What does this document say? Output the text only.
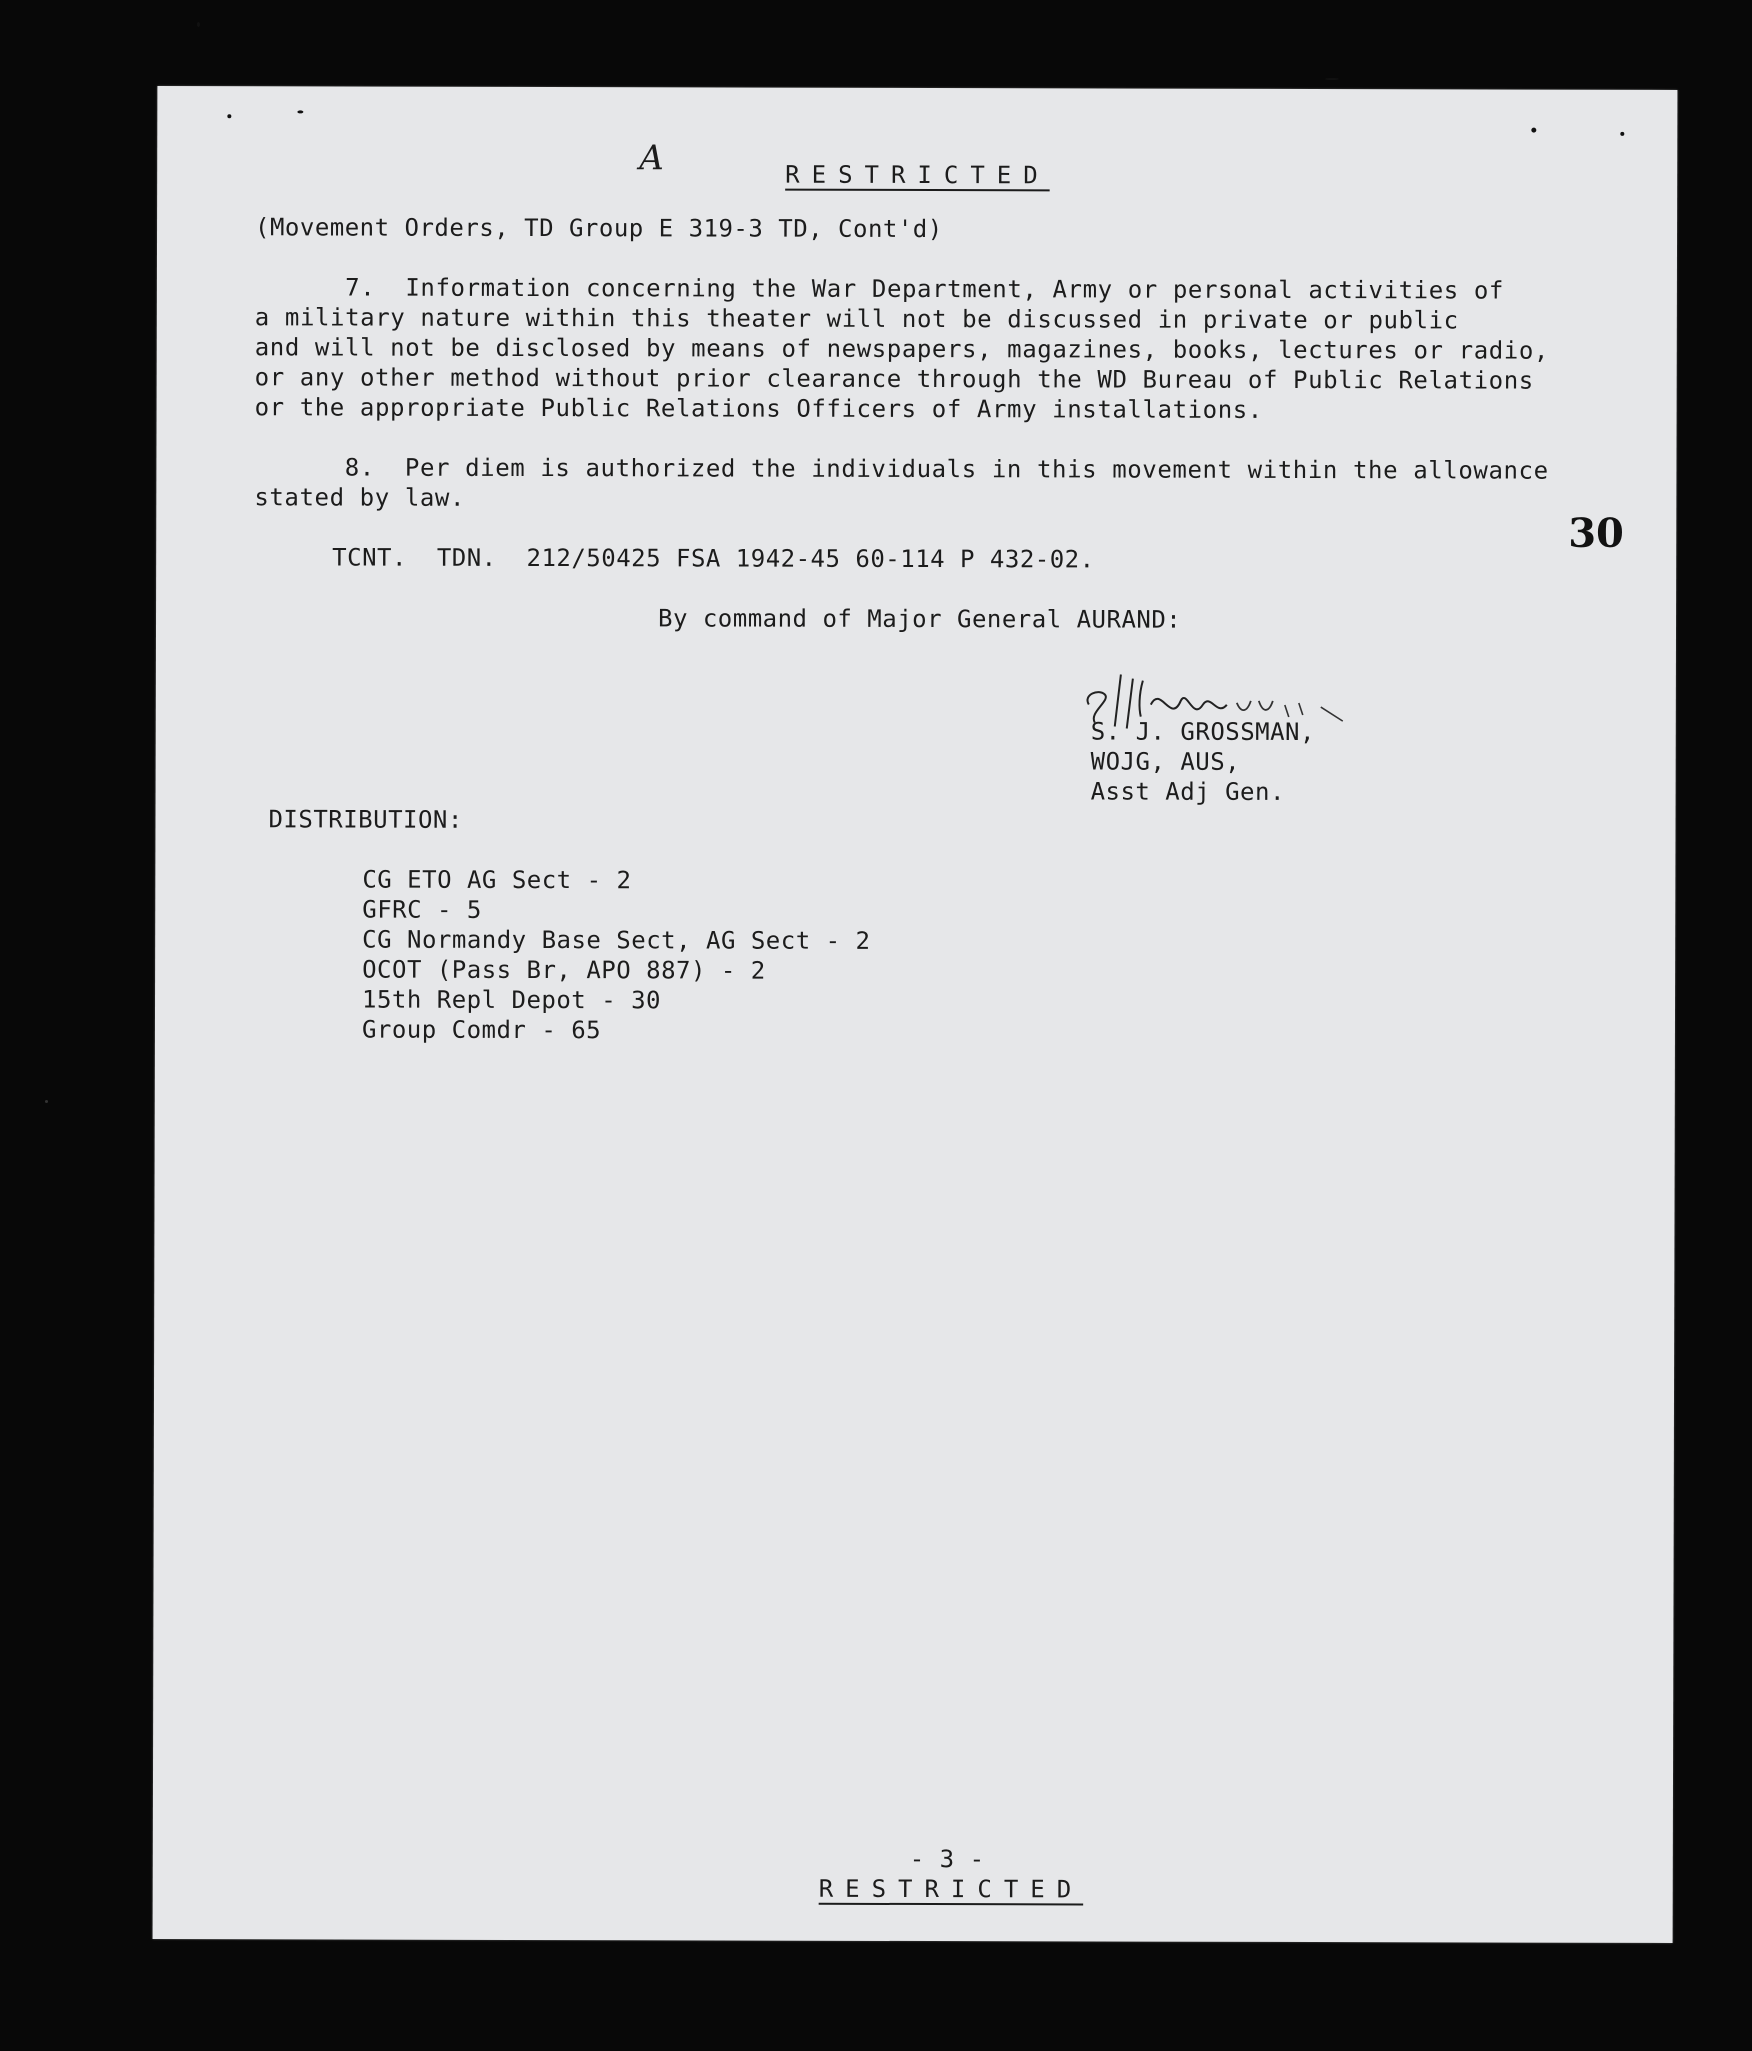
A	RESTRICTED
(Movement Orders, TD Group E 319-3 TD, Cont'd)
7.  Information concerning the War Department, Army or personal activities of
a military nature within this theater will not be discussed in private or public
and will not be disclosed by means of newspapers, magazines, books, lectures or radio,
or any other method without prior clearance through the WD Bureau of Public Relations
or the appropriate Public Relations Officers of Army installations.
8.  Per diem is authorized the individuals in this movement within the allowance
stated by law.
30
TCNT.  TDN.  212/50425 FSA 1942-45 60-114 P 432-02.
By command of Major General AURAND:
S. J. GROSSMAN,
WOJG, AUS,
Asst Adj Gen.
DISTRIBUTION:
CG ETO AG Sect - 2
GFRC - 5
CG Normandy Base Sect, AG Sect - 2
OCOT (Pass Br, APO 887) - 2
15th Repl Depot - 30
Group Comdr - 65
- 3 -
RESTRICTED
